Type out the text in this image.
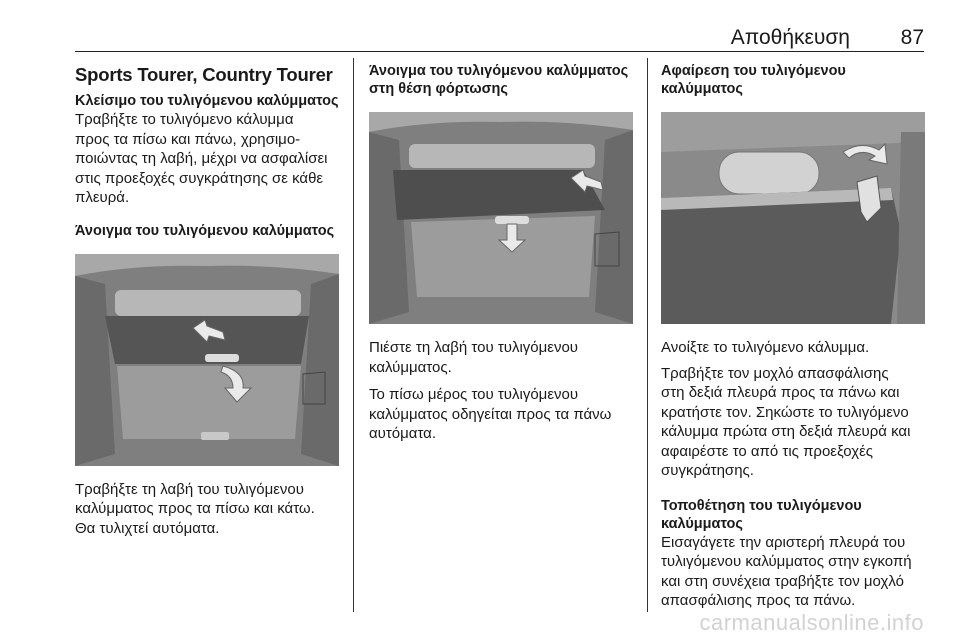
Αποθήκευση 87
Sports Tourer, Country Tourer
Κλείσιμο του τυλιγόμενου καλύμματος
Τραβήξτε το τυλιγόμενο κάλυμμα
προς τα πίσω και πάνω, χρησιμο-
ποιώντας τη λαβή, μέχρι να ασφαλίσει
στις προεξοχές συγκράτησης σε κάθε
πλευρά.
Άνοιγμα του τυλιγόμενου καλύμματος
Τραβήξτε τη λαβή του τυλιγόμενου
καλύμματος προς τα πίσω και κάτω.
Θα τυλιχτεί αυτόματα.
Άνοιγμα του τυλιγόμενου καλύμματος
στη θέση φόρτωσης
Πιέστε τη λαβή του τυλιγόμενου
καλύμματος.
Το πίσω μέρος του τυλιγόμενου
καλύμματος οδηγείται προς τα πάνω
αυτόματα.
Αφαίρεση του τυλιγόμενου
καλύμματος
Ανοίξτε το τυλιγόμενο κάλυμμα.
Τραβήξτε τον μοχλό απασφάλισης
στη δεξιά πλευρά προς τα πάνω και
κρατήστε τον. Σηκώστε το τυλιγόμενο
κάλυμμα πρώτα στη δεξιά πλευρά και
αφαιρέστε το από τις προεξοχές
συγκράτησης.
Τοποθέτηση του τυλιγόμενου
καλύμματος
Εισαγάγετε την αριστερή πλευρά του
τυλιγόμενου καλύμματος στην εγκοπή
και στη συνέχεια τραβήξτε τον μοχλό
απασφάλισης προς τα πάνω.
carmanualsonline.info
